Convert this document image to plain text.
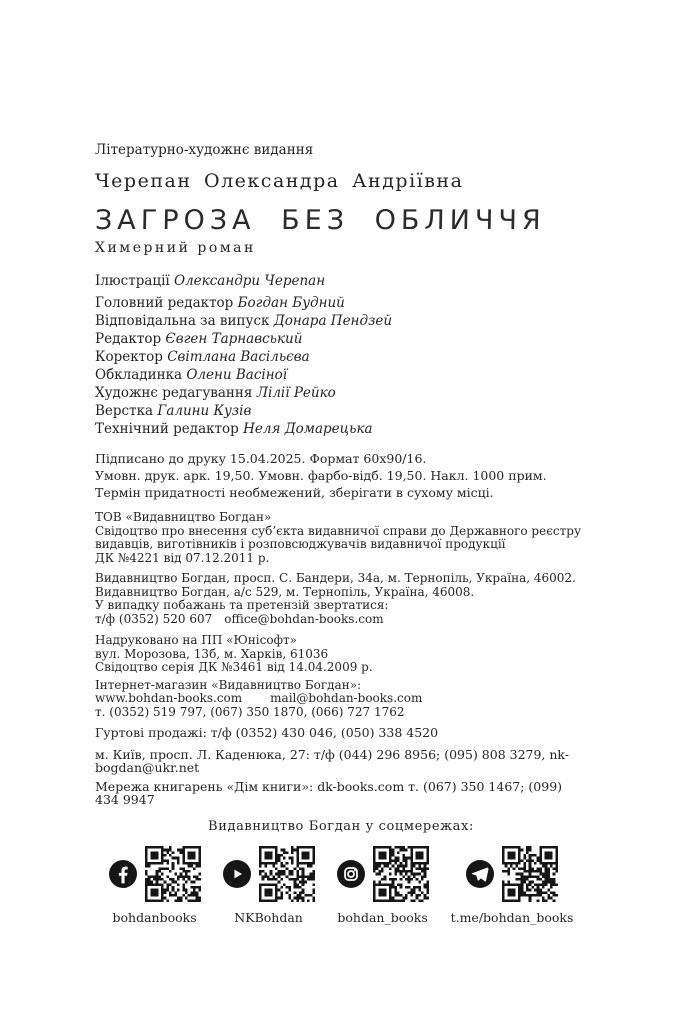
Літературно-художнє видання
Черепан Олександра Андріївна
ЗАГРОЗА БЕЗ ОБЛИЧЧЯ
Химерний роман
Ілюстрації Олександри Черепан
Головний редактор Богдан Будний
Відповідальна за випуск Донара Пендзей
Редактор Євген Тарнавський
Коректор Світлана Васільєва
Обкладинка Олени Васіної
Художнє редагування Лілії Рейко
Верстка Галини Кузів
Технічний редактор Неля Домарецька
Підписано до друку 15.04.2025. Формат 60х90/16.
Умовн. друк. арк. 19,50. Умовн. фарбо-відб. 19,50. Накл. 1000 прим.
Термін придатності необмежений, зберігати в сухому місці.
ТОВ «Видавництво Богдан»
Свідоцтво про внесення суб’єкта видавничої справи до Державного реєстру
видавців, виготівників і розповсюджувачів видавничої продукції
ДК №4221 від 07.12.2011 р.
Видавництво Богдан, просп. С. Бандери, 34а, м. Тернопіль, Україна, 46002.
Видавництво Богдан, а/с 529, м. Тернопіль, Україна, 46008.
У випадку побажань та претензій звертатися:
т/ф (0352) 520 607 office@bohdan-books.com
Надруковано на ПП «Юнісофт»
вул. Морозова, 13б, м. Харків, 61036
Свідоцтво серія ДК №3461 від 14.04.2009 р.
Інтернет-магазин «Видавництво Богдан»:
www.bohdan-books.com mail@bohdan-books.com
т. (0352) 519 797, (067) 350 1870, (066) 727 1762
Гуртові продажі: т/ф (0352) 430 046, (050) 338 4520
м. Київ, просп. Л. Каденюка, 27: т/ф (044) 296 8956; (095) 808 3279, nk-bogdan@ukr.net
Мережа книгарень «Дім книги»: dk-books.com т. (067) 350 1467; (099) 434 9947
Видавництво Богдан у соцмережах:
bohdanbooks	NKBohdan	bohdan_books t.me/bohdan_books
